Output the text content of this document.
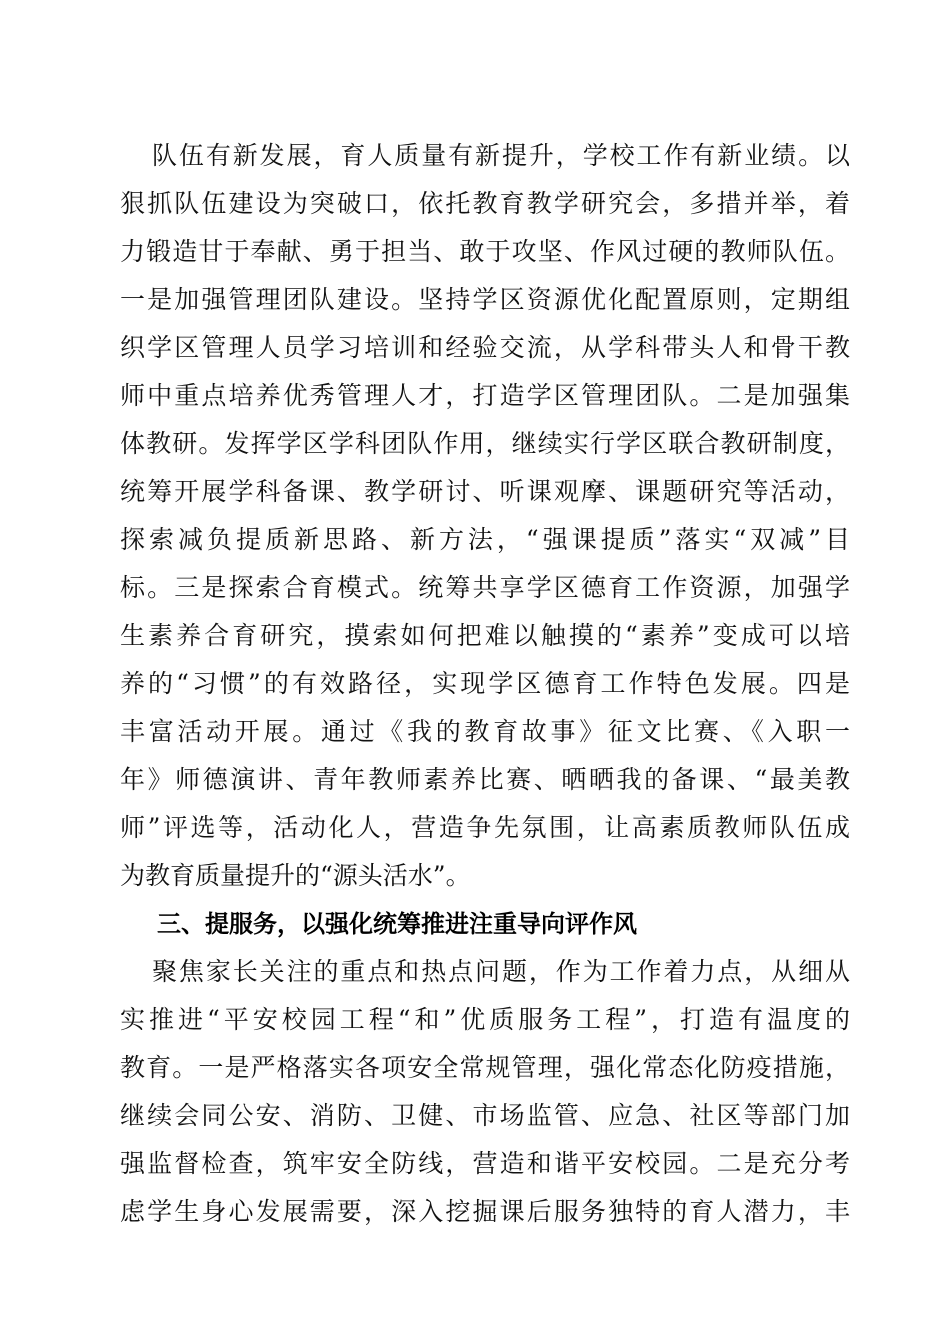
队伍有新发展，育人质量有新提升，学校工作有新业绩。以
狠抓队伍建设为突破口，依托教育教学研究会，多措并举，着
力锻造甘于奉献、勇于担当、敢于攻坚、作风过硬的教师队伍。
一是加强管理团队建设。坚持学区资源优化配置原则，定期组
织学区管理人员学习培训和经验交流，从学科带头人和骨干教
师中重点培养优秀管理人才，打造学区管理团队。二是加强集
体教研。发挥学区学科团队作用，继续实行学区联合教研制度，
统筹开展学科备课、教学研讨、听课观摩、课题研究等活动，
探索减负提质新思路、新方法，“强课提质”落实“双减”目
标。三是探索合育模式。统筹共享学区德育工作资源，加强学
生素养合育研究，摸索如何把难以触摸的“素养”变成可以培
养的“习惯”的有效路径，实现学区德育工作特色发展。四是
丰富活动开展。通过《我的教育故事》征文比赛、《入职一
年》师德演讲、青年教师素养比赛、晒晒我的备课、“最美教
师”评选等，活动化人，营造争先氛围，让高素质教师队伍成
为教育质量提升的“源头活水”。
三、提服务，以强化统筹推进注重导向评作风
聚焦家长关注的重点和热点问题，作为工作着力点，从细从
实推进“平安校园工程“和”优质服务工程”，打造有温度的
教育。一是严格落实各项安全常规管理，强化常态化防疫措施，
继续会同公安、消防、卫健、市场监管、应急、社区等部门加
强监督检查，筑牢安全防线，营造和谐平安校园。二是充分考
虑学生身心发展需要，深入挖掘课后服务独特的育人潜力，丰
